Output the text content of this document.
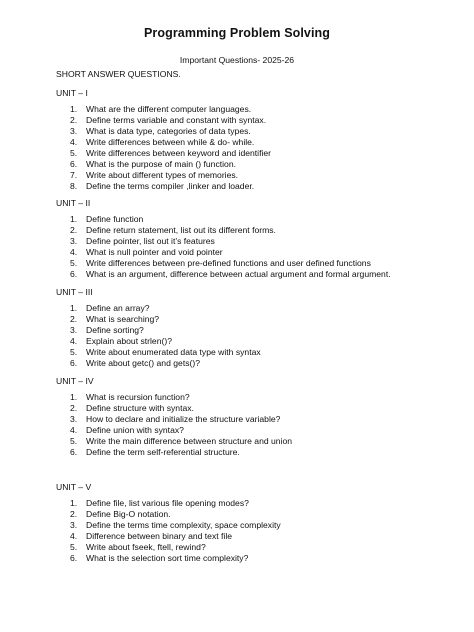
Programming Problem Solving
Important Questions- 2025-26
SHORT ANSWER QUESTIONS.
UNIT – I
1.	What are the different computer languages.
2.	Define terms variable and constant with syntax.
3.	What is data type, categories of data types.
4.	Write differences between while & do- while.
5.	Write differences between keyword and identifier
6.	What is the purpose of main () function.
7.	Write about different types of memories.
8.	Define the terms compiler ,linker and loader.
UNIT – II
1.	Define function
2.	Define return statement, list out its different forms.
3.	Define pointer, list out it’s features
4.	What is null pointer and void pointer
5.	Write differences between pre-defined functions and user defined functions
6.	What is an argument, difference between actual argument and formal argument.
UNIT – III
1.	Define an array?
2.	What is searching?
3.	Define sorting?
4.	Explain about strlen()?
5.	Write about enumerated data type with syntax
6.	Write about getc() and gets()?
UNIT – IV
1.	What is recursion function?
2.	Define structure with syntax.
3.	How to declare and initialize the structure variable?
4.	Define union with syntax?
5.	Write the main difference between structure and union
6.	Define the term self-referential structure.
UNIT – V
1.	Define file, list various file opening modes?
2.	Define Big-O notation.
3.	Define the terms time complexity, space complexity
4.	Difference between binary and text file
5.	Write about fseek, ftell, rewind?
6.	What is the selection sort time complexity?
